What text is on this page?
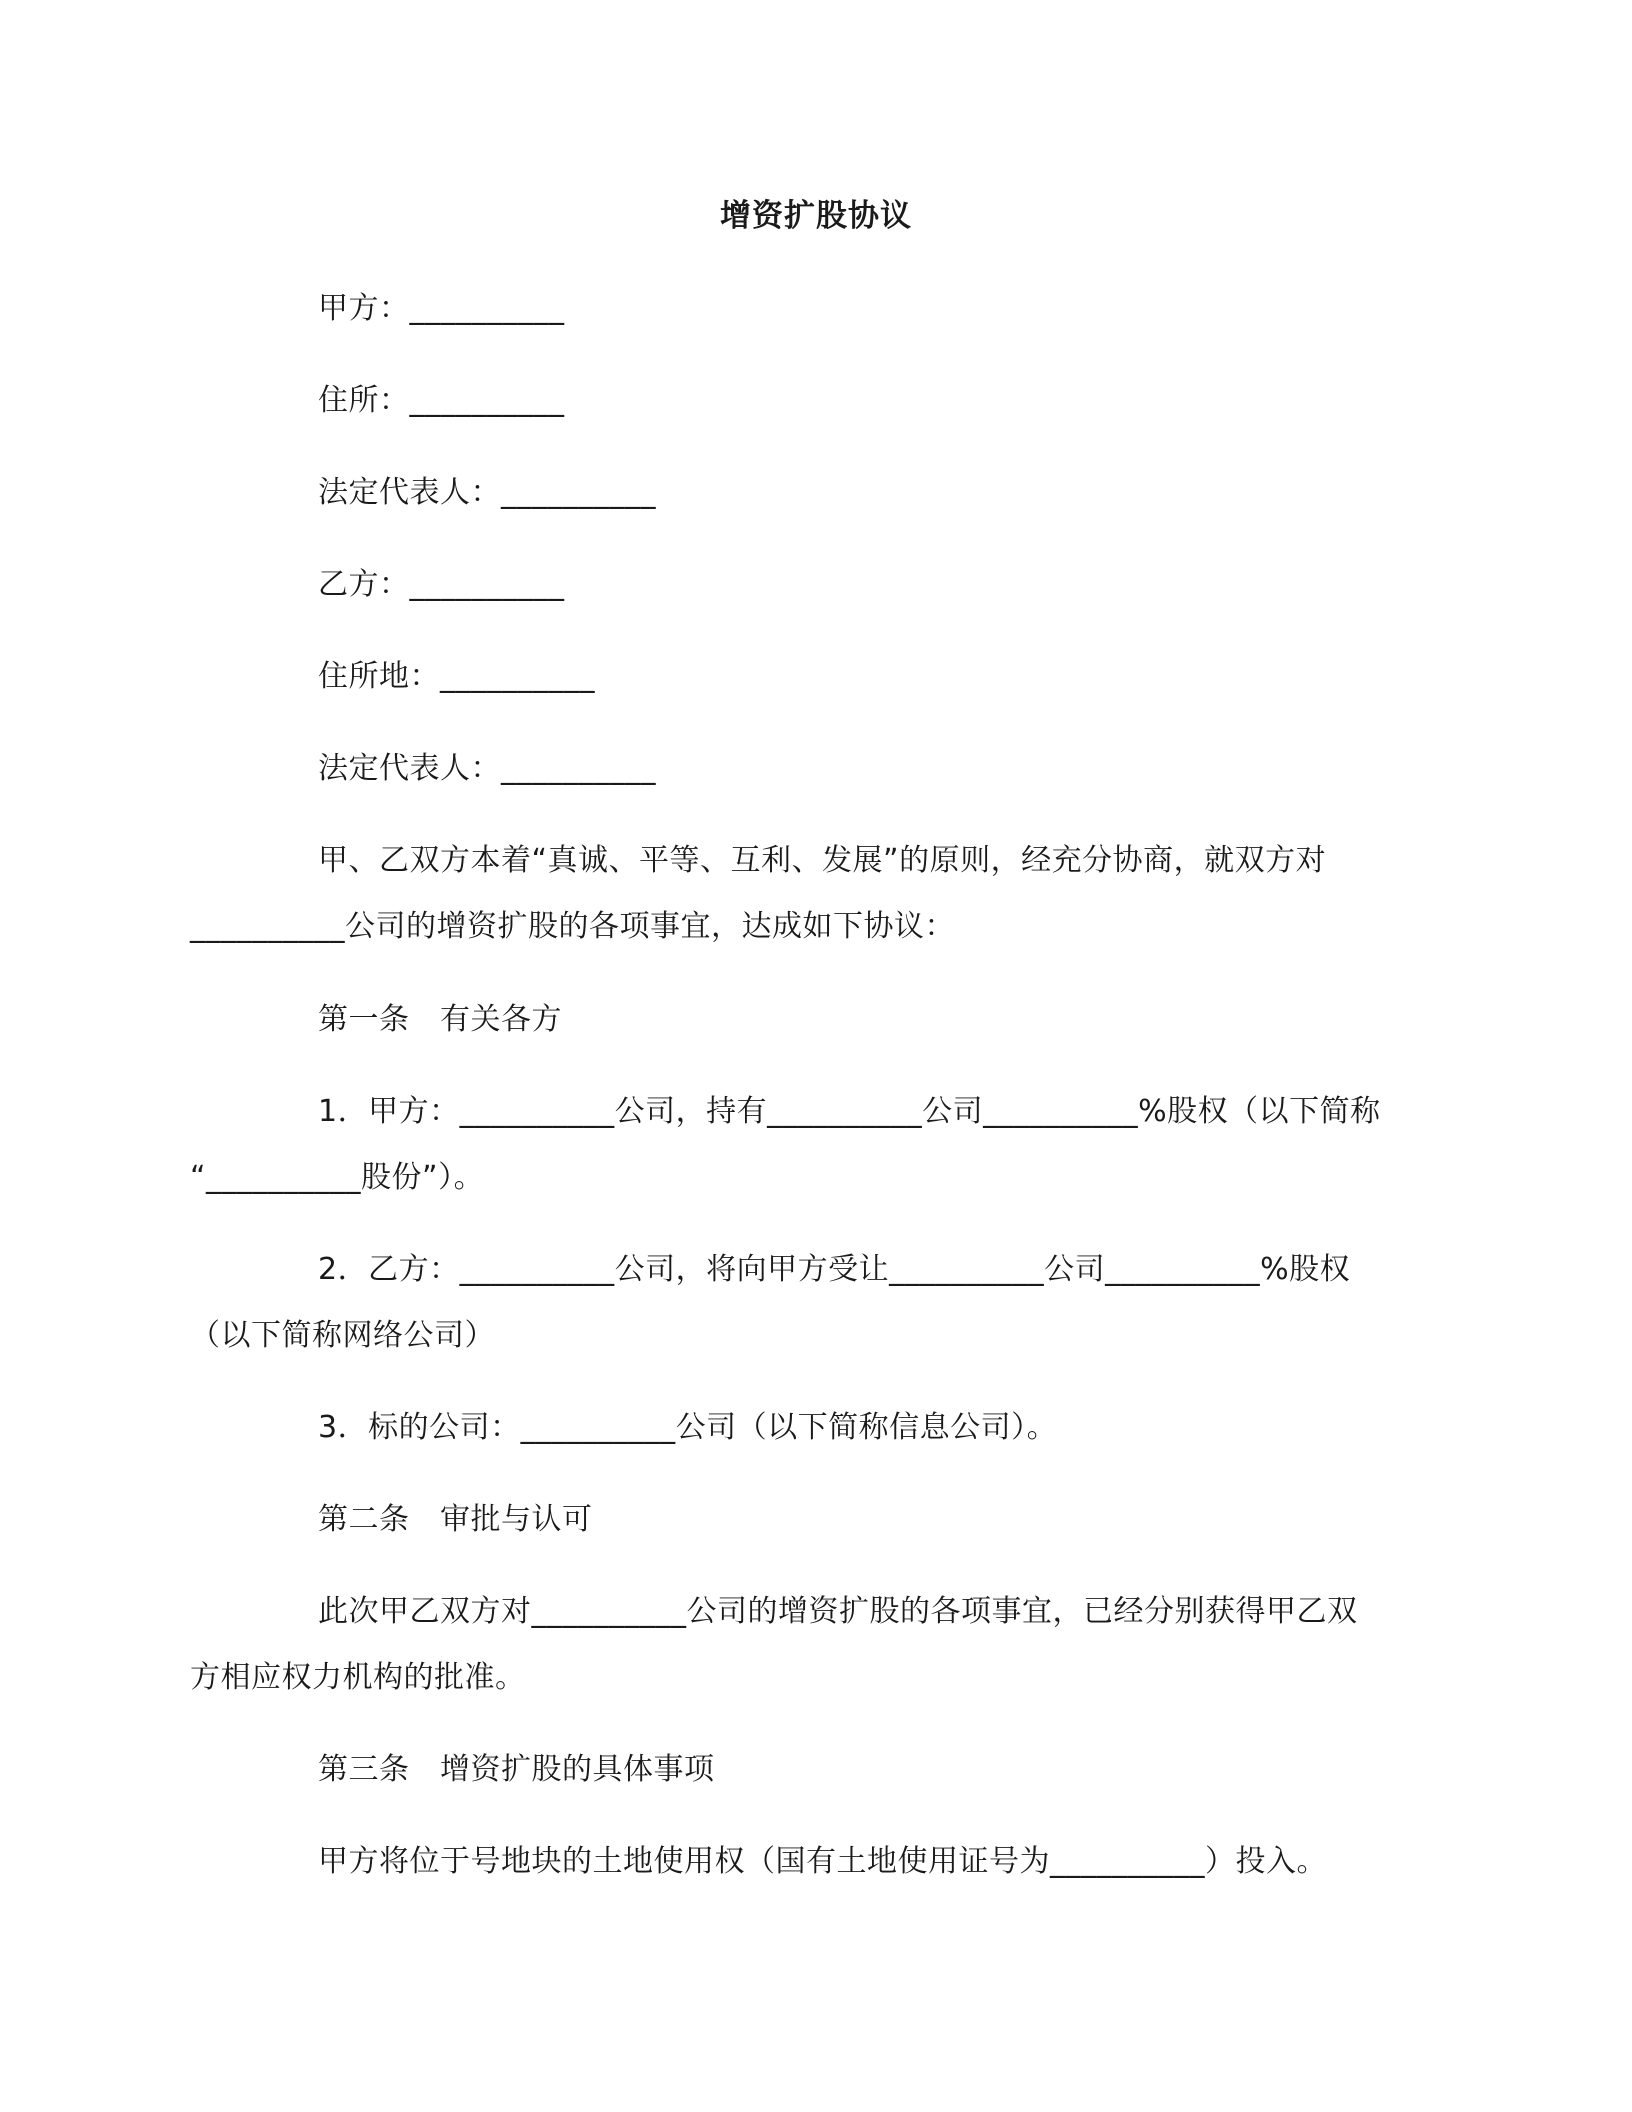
增资扩股协议
甲方：__________
住所：__________
法定代表人：__________
乙方：__________
住所地：__________
法定代表人：__________
甲、乙双方本着“真诚、平等、互利、发展”的原则，经充分协商，就双方对
__________公司的增资扩股的各项事宜，达成如下协议：
第一条　有关各方
1．甲方：__________公司，持有__________公司__________%股权（以下简称
“__________股份”）。
2．乙方：__________公司，将向甲方受让__________公司__________%股权
（以下简称网络公司）
3．标的公司：__________公司（以下简称信息公司）。
第二条　审批与认可
此次甲乙双方对__________公司的增资扩股的各项事宜，已经分别获得甲乙双
方相应权力机构的批准。
第三条　增资扩股的具体事项
甲方将位于号地块的土地使用权（国有土地使用证号为__________）投入。
